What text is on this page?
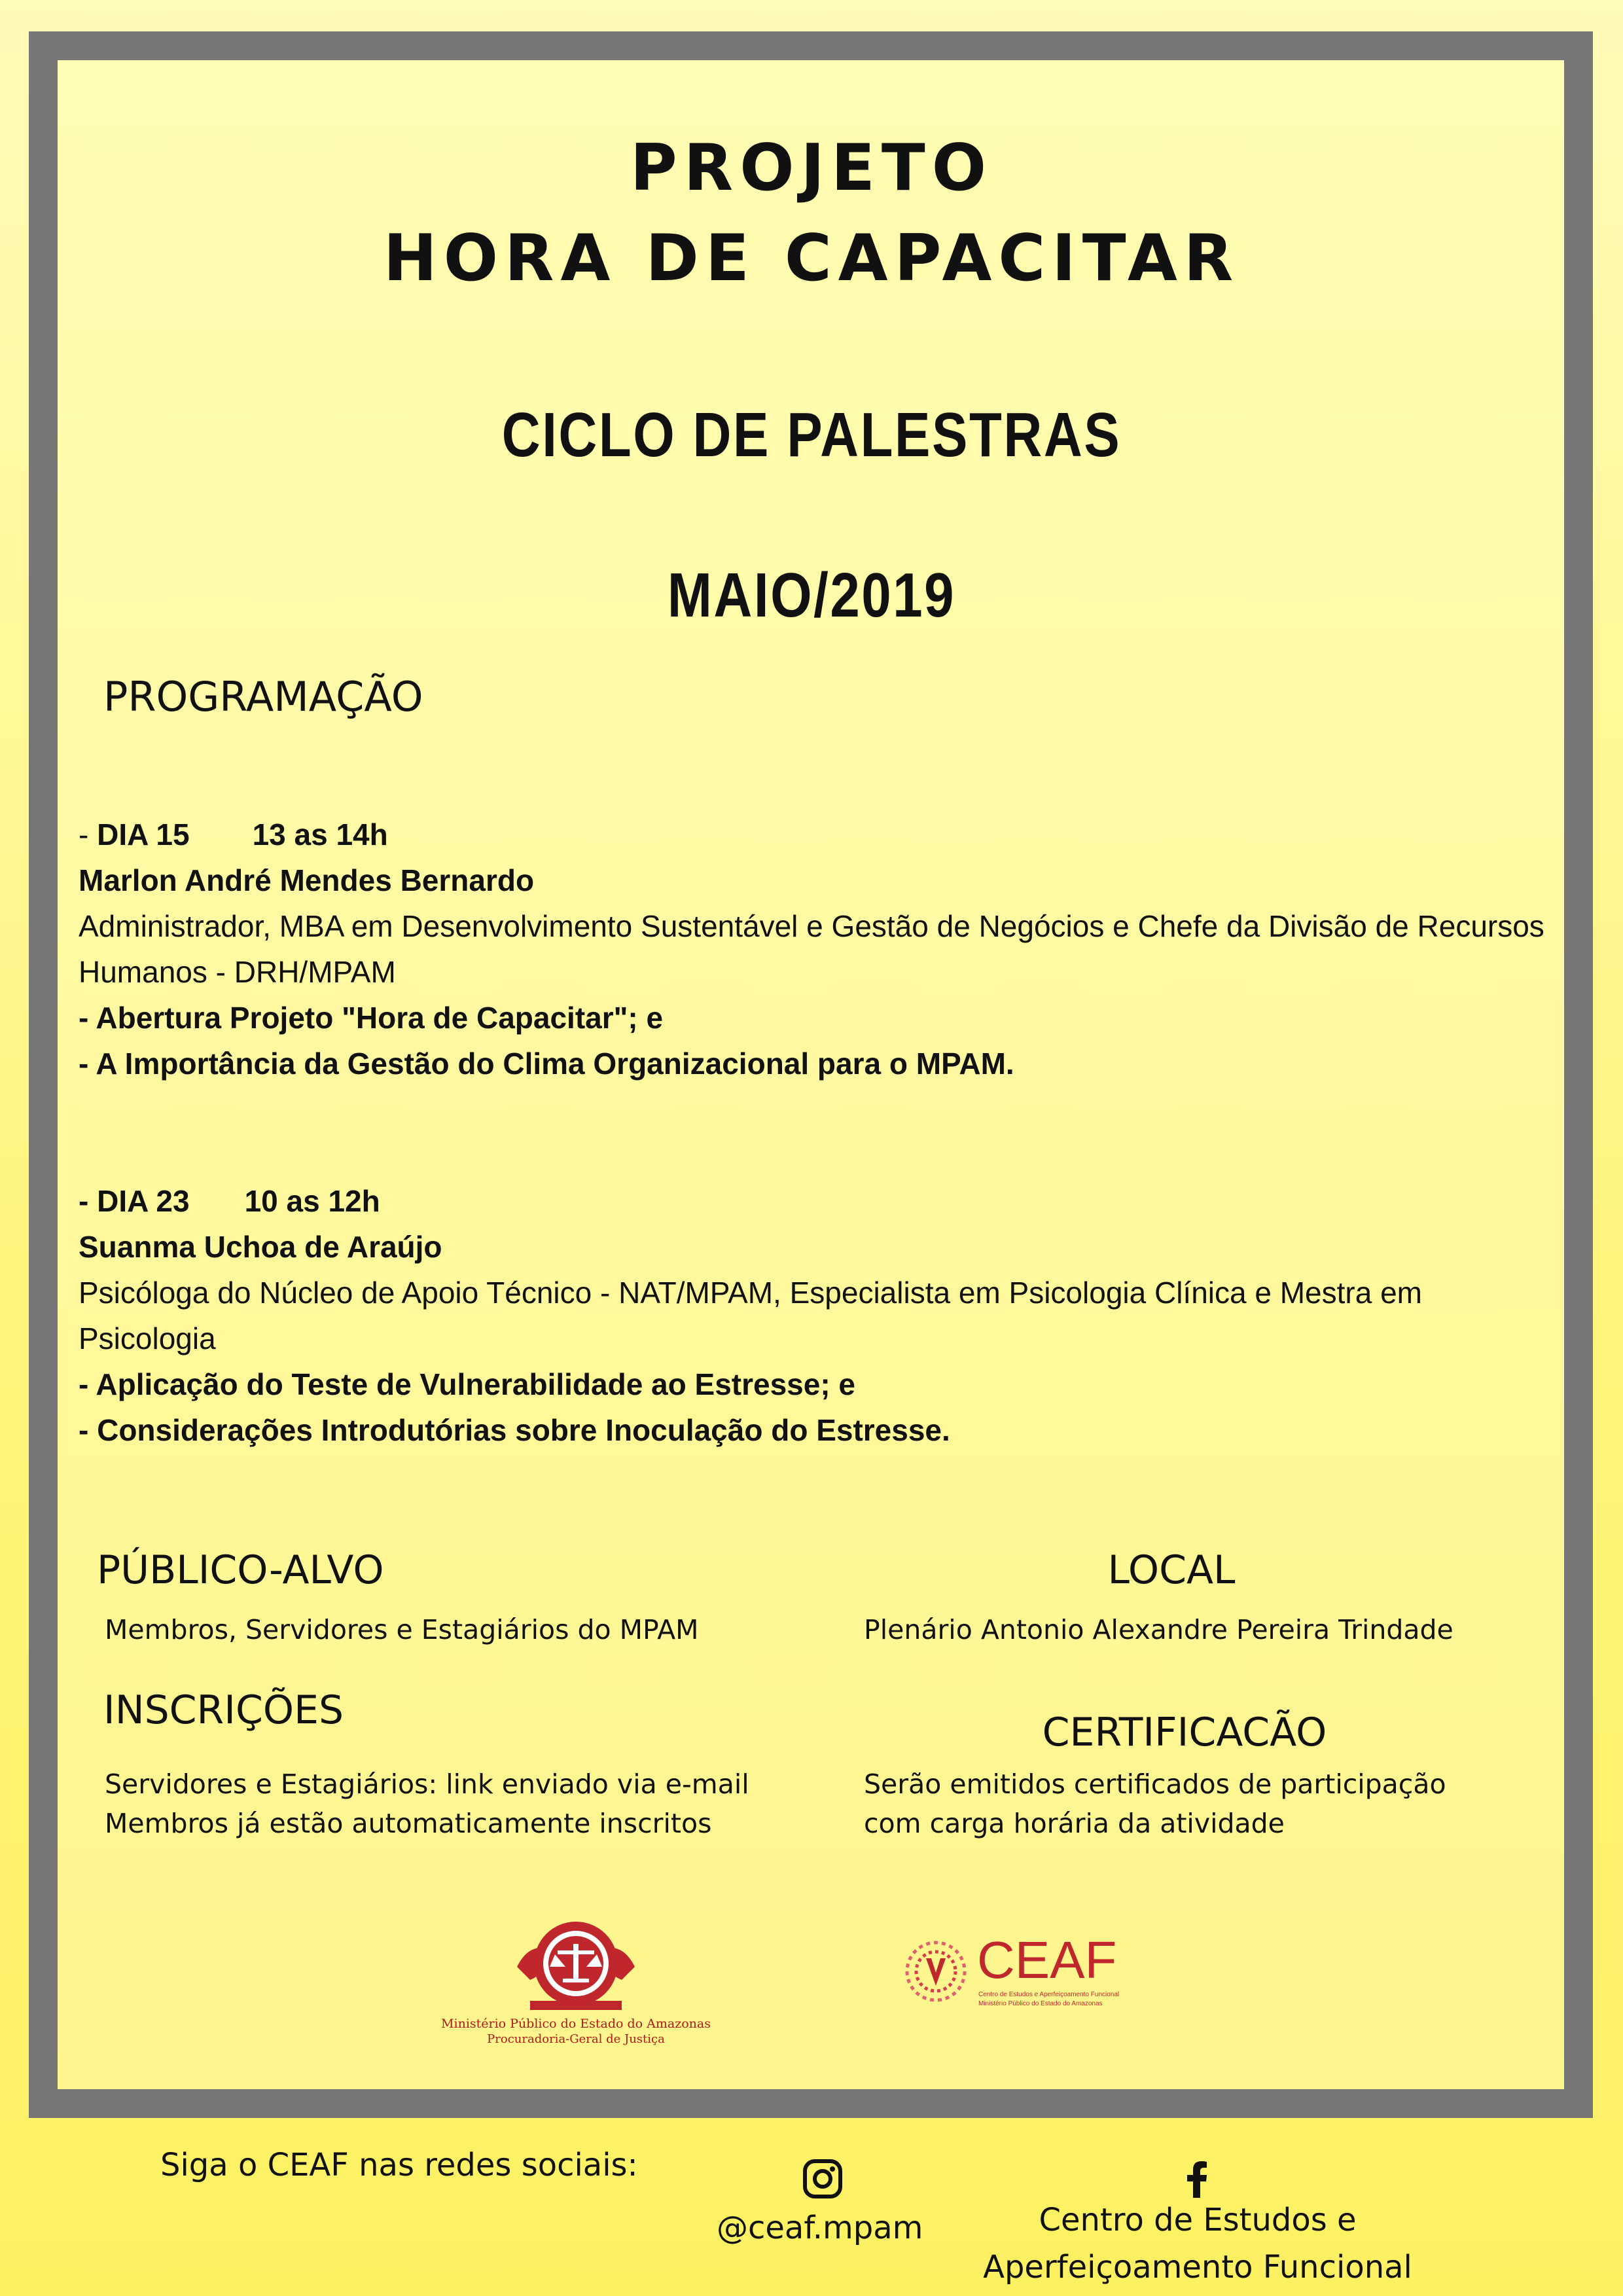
PROJETO
HORA DE CAPACITAR
CICLO DE PALESTRAS
MAIO/2019
PROGRAMAÇÃO
- DIA 15 13 as 14h
Marlon André Mendes Bernardo
Administrador, MBA em Desenvolvimento Sustentável e Gestão de Negócios e Chefe da Divisão de Recursos Humanos - DRH/MPAM
- Abertura Projeto "Hora de Capacitar"; e
- A Importância da Gestão do Clima Organizacional para o MPAM.
- DIA 23 10 as 12h
Suanma Uchoa de Araújo
Psicóloga do Núcleo de Apoio Técnico - NAT/MPAM, Especialista em Psicologia Clínica e Mestra em Psicologia
- Aplicação do Teste de Vulnerabilidade ao Estresse; e
- Considerações Introdutórias sobre Inoculação do Estresse.
PÚBLICO-ALVO
Membros, Servidores e Estagiários do MPAM
LOCAL
Plenário Antonio Alexandre Pereira Trindade
INSCRIÇÕES
Servidores e Estagiários: link enviado via e-mail
Membros já estão automaticamente inscritos
CERTIFICACÃO
Serão emitidos certificados de participação
com carga horária da atividade
Ministério Público do Estado do Amazonas
Procuradoria-Geral de Justiça
CEAF
Centro de Estudos e Aperfeiçoamento Funcional
Ministério Público do Estado do Amazonas
Siga o CEAF nas redes sociais:
@ceaf.mpam	Centro de Estudos e
Aperfeiçoamento Funcional
